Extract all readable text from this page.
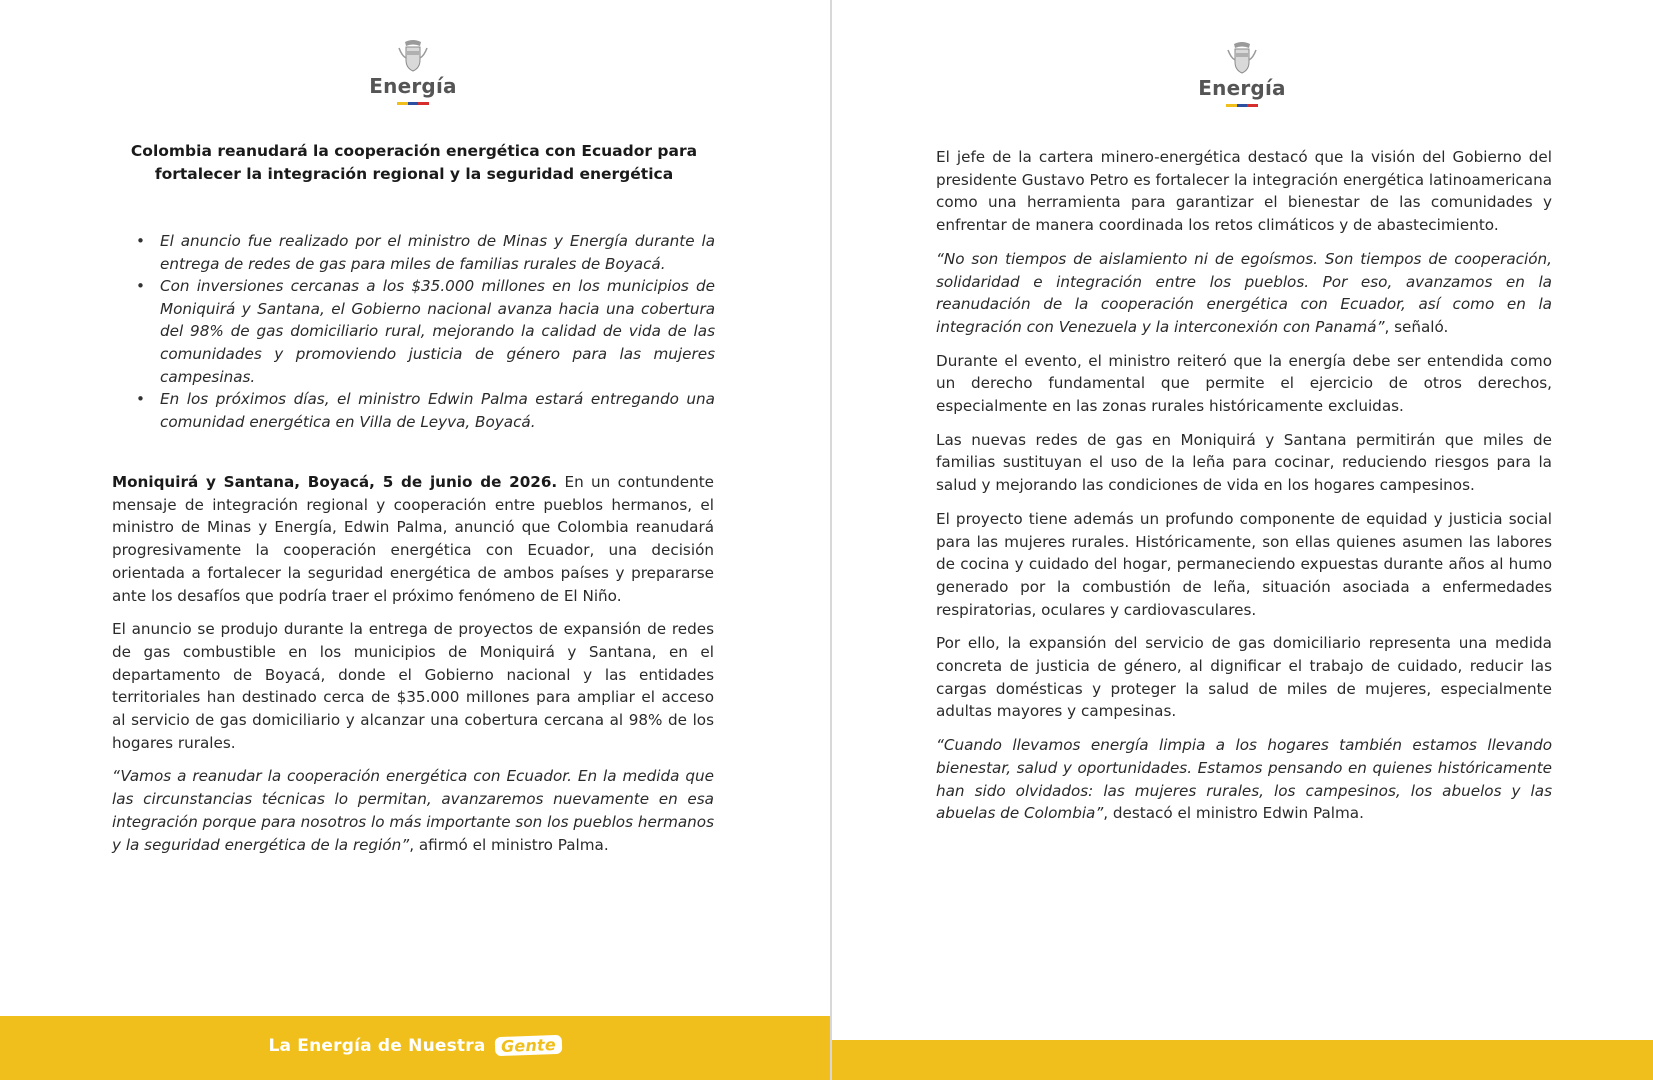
Energía
Colombia reanudará la cooperación energética con Ecuador para fortalecer la integración regional y la seguridad energética
• El anuncio fue realizado por el ministro de Minas y Energía durante la entrega de redes de gas para miles de familias rurales de Boyacá.
• Con inversiones cercanas a los $35.000 millones en los municipios de Moniquirá y Santana, el Gobierno nacional avanza hacia una cobertura del 98% de gas domiciliario rural, mejorando la calidad de vida de las comunidades y promoviendo justicia de género para las mujeres campesinas.
• En los próximos días, el ministro Edwin Palma estará entregando una comunidad energética en Villa de Leyva, Boyacá.

Moniquirá y Santana, Boyacá, 5 de junio de 2026. En un contundente mensaje de integración regional y cooperación entre pueblos hermanos, el ministro de Minas y Energía, Edwin Palma, anunció que Colombia reanudará progresivamente la cooperación energética con Ecuador, una decisión orientada a fortalecer la seguridad energética de ambos países y prepararse ante los desafíos que podría traer el próximo fenómeno de El Niño.

El anuncio se produjo durante la entrega de proyectos de expansión de redes de gas combustible en los municipios de Moniquirá y Santana, en el departamento de Boyacá, donde el Gobierno nacional y las entidades territoriales han destinado cerca de $35.000 millones para ampliar el acceso al servicio de gas domiciliario y alcanzar una cobertura cercana al 98% de los hogares rurales.

“Vamos a reanudar la cooperación energética con Ecuador. En la medida que las circunstancias técnicas lo permitan, avanzaremos nuevamente en esa integración porque para nosotros lo más importante son los pueblos hermanos y la seguridad energética de la región”, afirmó el ministro Palma.

La Energía de Nuestra Gente
Energía

El jefe de la cartera minero-energética destacó que la visión del Gobierno del presidente Gustavo Petro es fortalecer la integración energética latinoamericana como una herramienta para garantizar el bienestar de las comunidades y enfrentar de manera coordinada los retos climáticos y de abastecimiento.

“No son tiempos de aislamiento ni de egoísmos. Son tiempos de cooperación, solidaridad e integración entre los pueblos. Por eso, avanzamos en la reanudación de la cooperación energética con Ecuador, así como en la integración con Venezuela y la interconexión con Panamá”, señaló.

Durante el evento, el ministro reiteró que la energía debe ser entendida como un derecho fundamental que permite el ejercicio de otros derechos, especialmente en las zonas rurales históricamente excluidas.

Las nuevas redes de gas en Moniquirá y Santana permitirán que miles de familias sustituyan el uso de la leña para cocinar, reduciendo riesgos para la salud y mejorando las condiciones de vida en los hogares campesinos.

El proyecto tiene además un profundo componente de equidad y justicia social para las mujeres rurales. Históricamente, son ellas quienes asumen las labores de cocina y cuidado del hogar, permaneciendo expuestas durante años al humo generado por la combustión de leña, situación asociada a enfermedades respiratorias, oculares y cardiovasculares.

Por ello, la expansión del servicio de gas domiciliario representa una medida concreta de justicia de género, al dignificar el trabajo de cuidado, reducir las cargas domésticas y proteger la salud de miles de mujeres, especialmente adultas mayores y campesinas.

“Cuando llevamos energía limpia a los hogares también estamos llevando bienestar, salud y oportunidades. Estamos pensando en quienes históricamente han sido olvidados: las mujeres rurales, los campesinos, los abuelos y las abuelas de Colombia”, destacó el ministro Edwin Palma.
